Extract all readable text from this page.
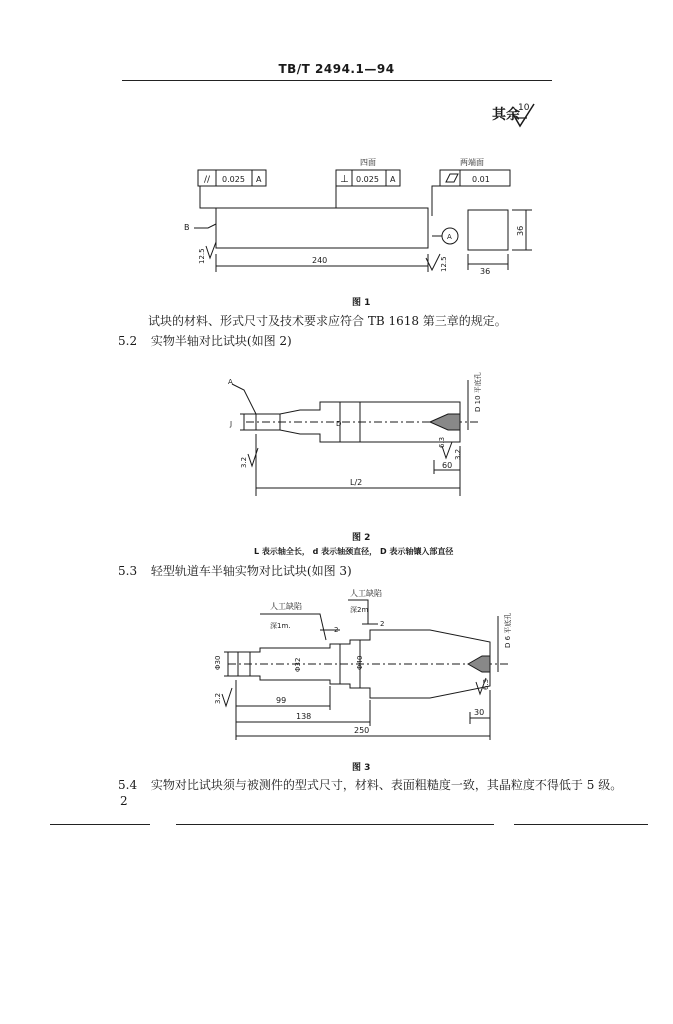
TB/T 2494.1—94
其余
10
// 0.025 A
四面
⊥ 0.025 A
两端面
0.01
B
A
12.5
12.5
240
36
36
图 1
试块的材料、形式尺寸及技术要求应符合 TB 1618 第三章的规定。
5.2 实物半轴对比试块(如图 2)
A
J	D
D 10 平底孔
3.2
3.2
6.3
60
L/2
图 2
L 表示轴全长， d 表示轴颈直径， D 表示轴镶入部直径
5.3 轻型轨道车半轴实物对比试块(如图 3)
人工缺陷
深1m.
人工缺陷
深2m
2
2
Φ30	Φ32	Φ40
D 6 平底孔
3.2
6.3
99
138
250
30
图 3
5.4 实物对比试块须与被测件的型式尺寸，材料、表面粗糙度一致，其晶粒度不得低于 5 级。
2
